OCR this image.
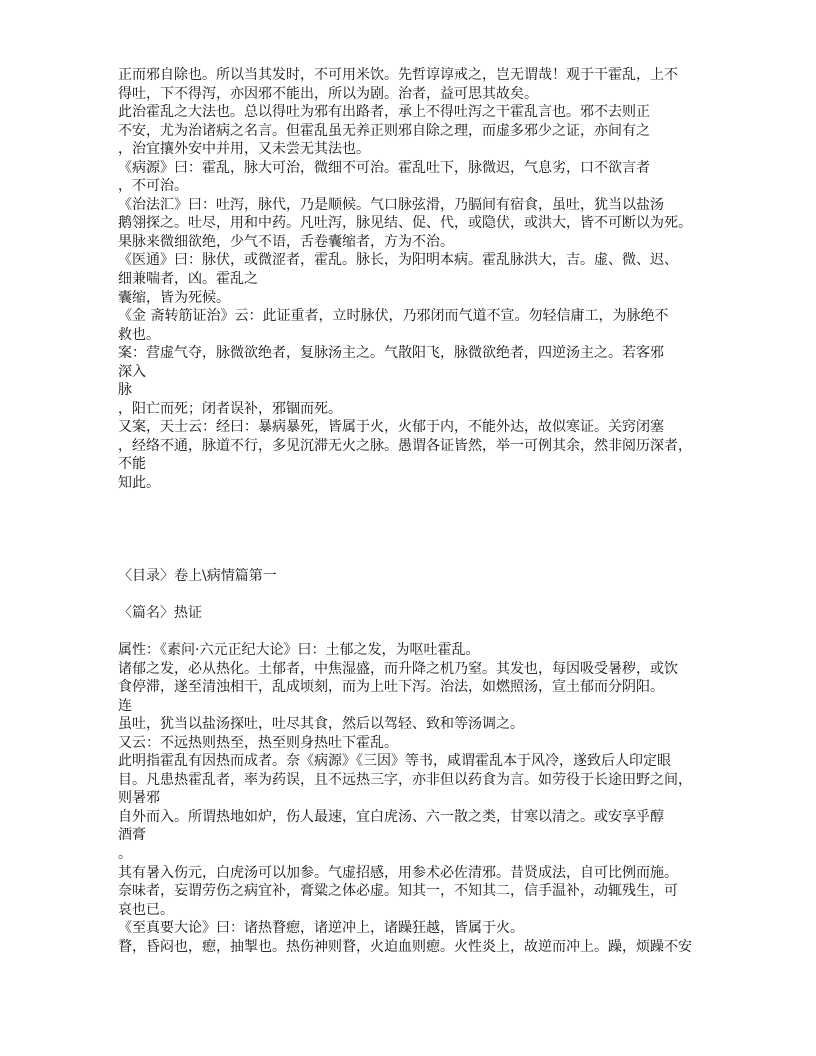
正而邪自除也。所以当其发时，不可用米饮。先哲谆谆戒之，岂无谓哉！观于干霍乱，上不
得吐，下不得泻，亦因邪不能出，所以为剧。治者，益可思其故矣。
此治霍乱之大法也。总以得吐为邪有出路者，承上不得吐泻之干霍乱言也。邪不去则正
不安，尤为治诸病之名言。但霍乱虽无养正则邪自除之理，而虚多邪少之证，亦间有之
，治宜攘外安中并用，又未尝无其法也。
《病源》曰：霍乱，脉大可治，微细不可治。霍乱吐下，脉微迟，气息劣，口不欲言者
，不可治。
《治法汇》曰：吐泻，脉代，乃是顺候。气口脉弦滑，乃膈间有宿食，虽吐，犹当以盐汤
鹅翎探之。吐尽，用和中药。凡吐泻，脉见结、促、代，或隐伏，或洪大，皆不可断以为死。
果脉来微细欲绝，少气不语，舌卷囊缩者，方为不治。
《医通》曰：脉伏，或微涩者，霍乱。脉长，为阳明本病。霍乱脉洪大，吉。虚、微、迟、
细兼喘者，凶。霍乱之
囊缩，皆为死候。
《金 斋转筋证治》云：此证重者，立时脉伏，乃邪闭而气道不宣。勿轻信庸工，为脉绝不
救也。
案：营虚气夺，脉微欲绝者，复脉汤主之。气散阳飞，脉微欲绝者，四逆汤主之。若客邪
深入
脉
，阳亡而死；闭者误补，邪锢而死。
又案，天士云：经曰：暴病暴死，皆属于火，火郁于内，不能外达，故似寒证。关窍闭塞
，经络不通，脉道不行，多见沉滞无火之脉。愚谓各证皆然，举一可例其余，然非阅历深者，
不能
知此。
〈目录〉卷上\病情篇第一
〈篇名〉热证
属性：《素问·六元正纪大论》曰：土郁之发，为呕吐霍乱。
诸郁之发，必从热化。土郁者，中焦湿盛，而升降之机乃窒。其发也，每因吸受暑秽，或饮
食停滞，遂至清浊相干，乱成顷刻，而为上吐下泻。治法，如燃照汤，宣土郁而分阴阳。
连
虽吐，犹当以盐汤探吐，吐尽其食，然后以驾轻、致和等汤调之。
又云：不远热则热至，热至则身热吐下霍乱。
此明指霍乱有因热而成者。奈《病源》《三因》等书，咸谓霍乱本于风冷，遂致后人印定眼
目。凡患热霍乱者，率为药误，且不远热三字，亦非但以药食为言。如劳役于长途田野之间，
则暑邪
自外而入。所谓热地如炉，伤人最速，宜白虎汤、六一散之类，甘寒以清之。或安享乎醇
酒膏
。
其有暑入伤元，白虎汤可以加参。气虚招感，用参术必佐清邪。昔贤成法，自可比例而施。
奈味者，妄谓劳伤之病宜补，膏粱之体必虚。知其一，不知其二，信手温补，动辄残生，可
哀也已。
《至真要大论》曰：诸热瞀瘛，诸逆冲上，诸躁狂越，皆属于火。
瞀，昏闷也，瘛，抽掣也。热伤神则瞀，火迫血则瘛。火性炎上，故逆而冲上。躁，烦躁不安
